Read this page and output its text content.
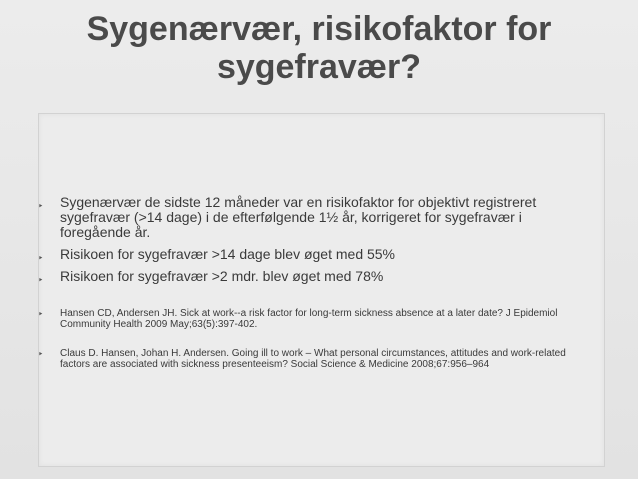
Sygenærvær, risikofaktor for
sygefravær?
‣ Sygenærvær de sidste 12 måneder var en risikofaktor for objektivt registreret sygefravær (>14 dage) i de efterfølgende 1½ år, korrigeret for sygefravær i foregående år.
‣ Risikoen for sygefravær >14 dage blev øget med 55%
‣ Risikoen for sygefravær >2 mdr. blev øget med 78%
‣ Hansen CD, Andersen JH. Sick at work--a risk factor for long-term sickness absence at a later date? J Epidemiol Community Health 2009 May;63(5):397-402.
‣ Claus D. Hansen, Johan H. Andersen. Going ill to work – What personal circumstances, attitudes and work-related factors are associated with sickness presenteeism? Social Science & Medicine 2008;67:956–964
